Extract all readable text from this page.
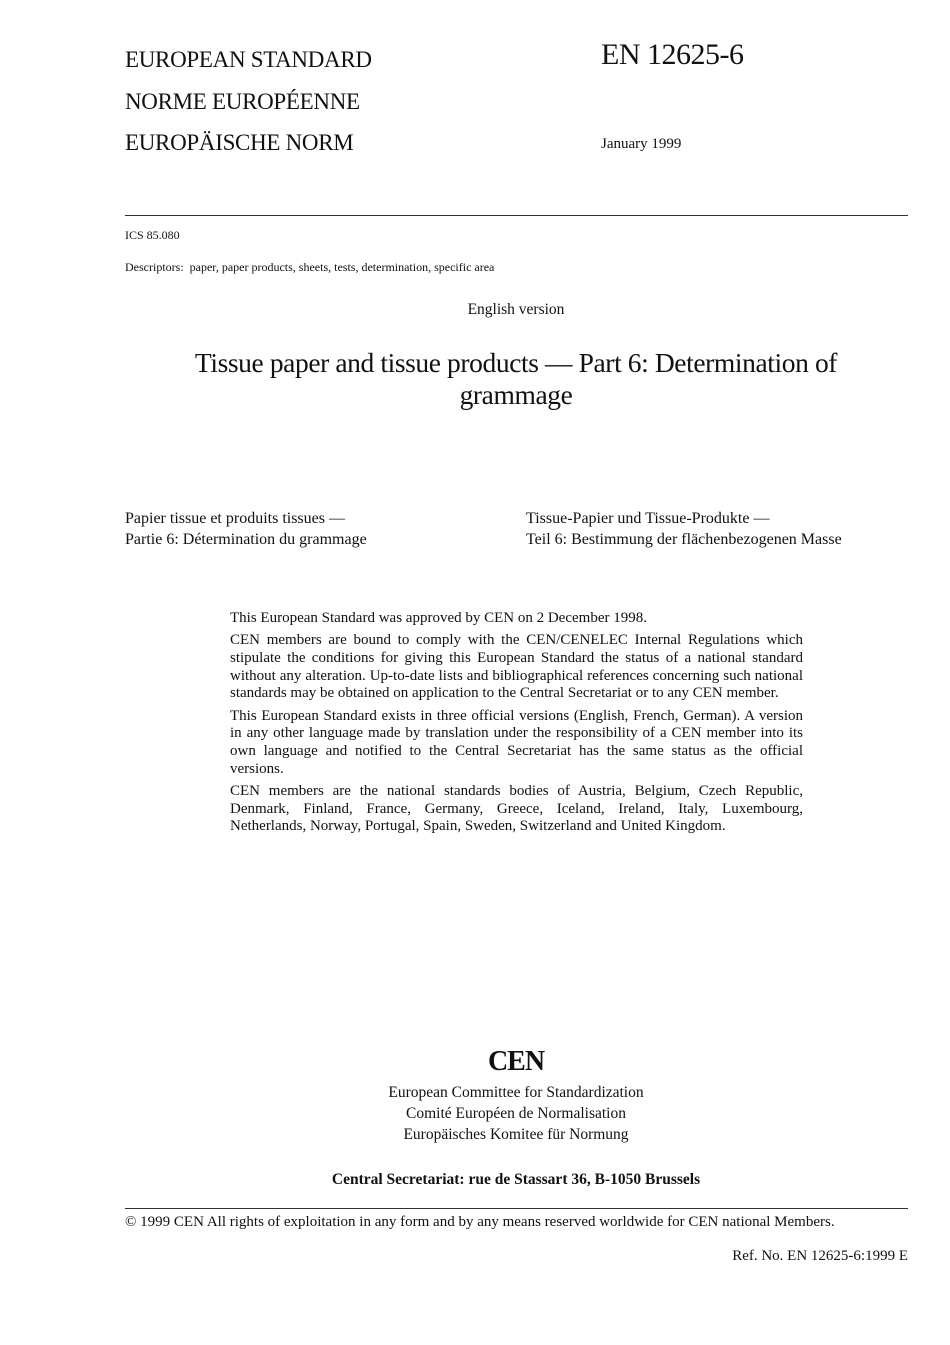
EUROPEAN STANDARD
NORME EUROPÉENNE
EUROPÄISCHE NORM
EN 12625-6
January 1999
ICS 85.080
Descriptors:  paper, paper products, sheets, tests, determination, specific area
English version
Tissue paper and tissue products — Part 6: Determination of grammage
Papier tissue et produits tissues —
Partie 6: Détermination du grammage
Tissue-Papier und Tissue-Produkte —
Teil 6: Bestimmung der flächenbezogenen Masse

This European Standard was approved by CEN on 2 December 1998.

CEN members are bound to comply with the CEN/CENELEC Internal Regulations which stipulate the conditions for giving this European Standard the status of a national standard without any alteration. Up-to-date lists and bibliographical references concerning such national standards may be obtained on application to the Central Secretariat or to any CEN member.

This European Standard exists in three official versions (English, French, German). A version in any other language made by translation under the responsibility of a CEN member into its own language and notified to the Central Secretariat has the same status as the official versions.

CEN members are the national standards bodies of Austria, Belgium, Czech Republic, Denmark, Finland, France, Germany, Greece, Iceland, Ireland, Italy, Luxembourg, Netherlands, Norway, Portugal, Spain, Sweden, Switzerland and United Kingdom.

CEN
European Committee for Standardization
Comité Européen de Normalisation
Europäisches Komitee für Normung
Central Secretariat: rue de Stassart 36, B-1050 Brussels
© 1999 CEN All rights of exploitation in any form and by any means reserved worldwide for CEN national Members.
Ref. No. EN 12625-6:1999 E
